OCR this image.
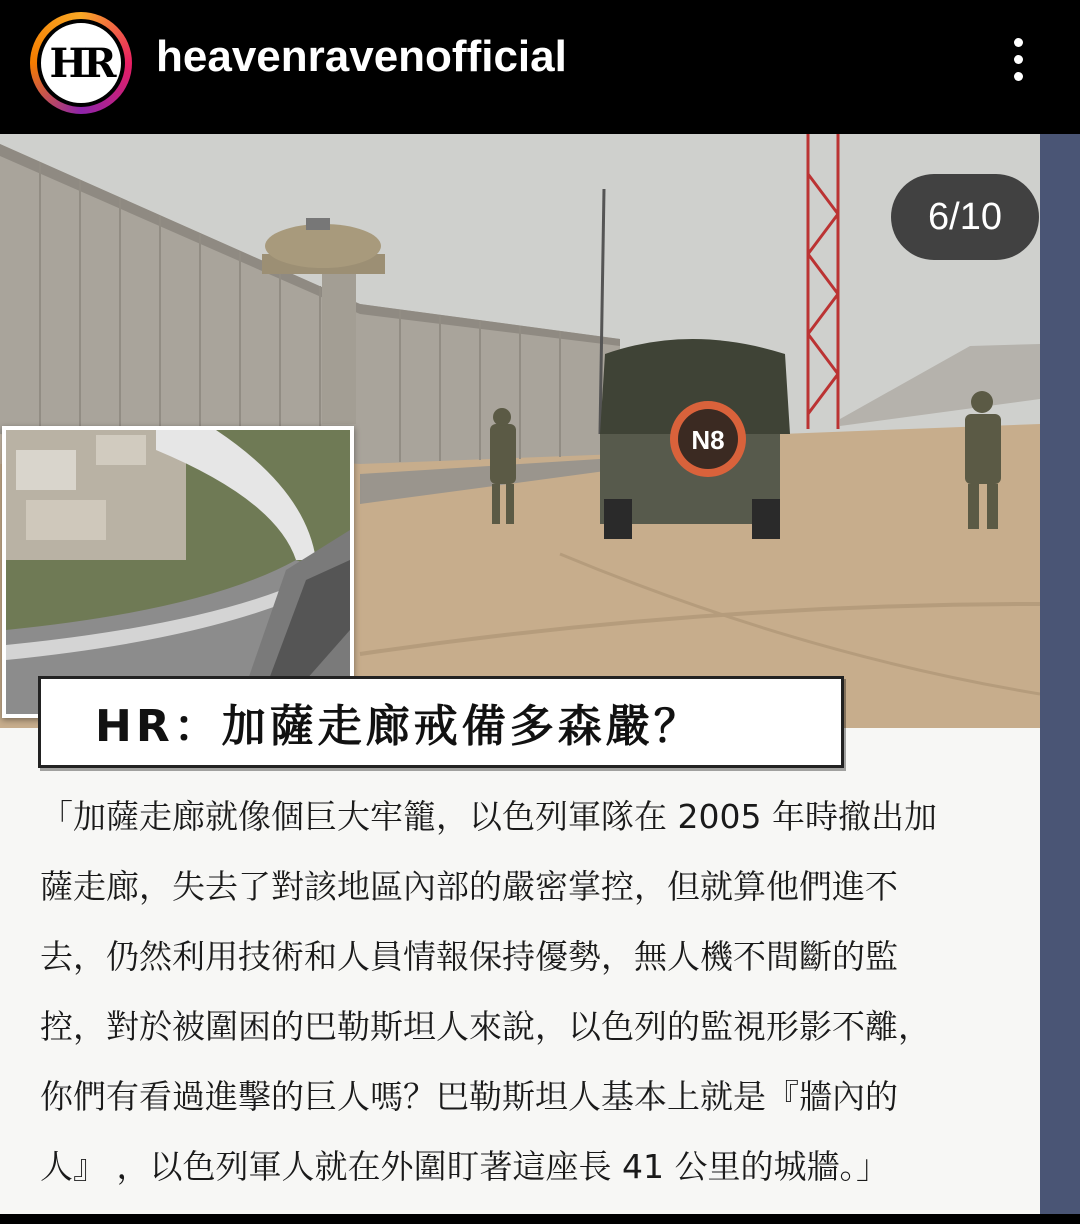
HR heavenravenofficial
N8
6/10
HR：加薩走廊戒備多森嚴？
「加薩走廊就像個巨大牢籠，以色列軍隊在 2005 年時撤出加
薩走廊，失去了對該地區內部的嚴密掌控，但就算他們進不
去，仍然利用技術和人員情報保持優勢，無人機不間斷的監
控，對於被圍困的巴勒斯坦人來說，以色列的監視形影不離，
你們有看過進擊的巨人嗎？巴勒斯坦人基本上就是『牆內的
人』 ，以色列軍人就在外圍盯著這座長 41 公里的城牆。」
